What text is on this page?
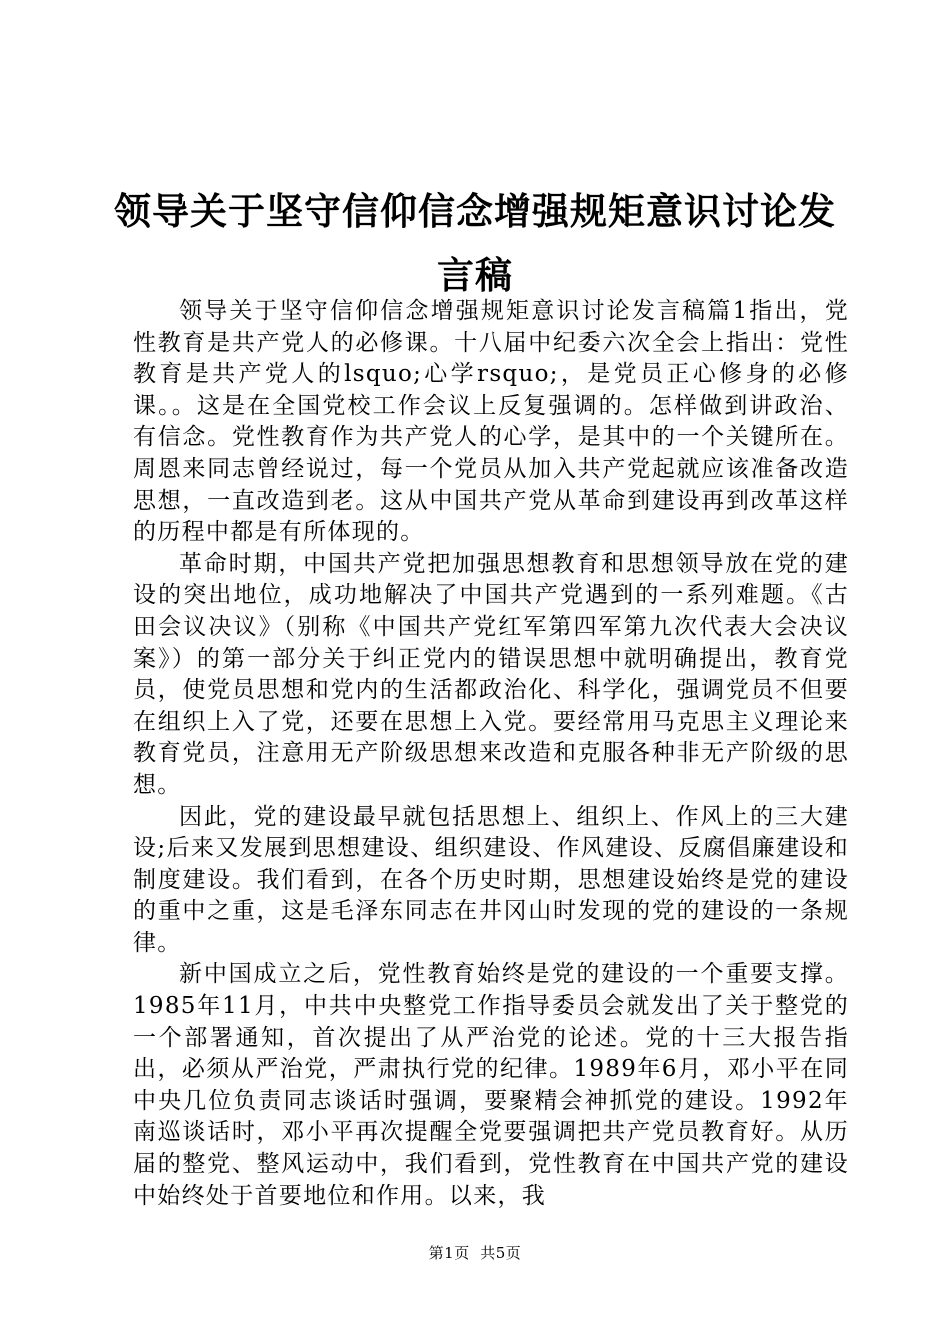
领导关于坚守信仰信念增强规矩意识讨论发言稿

领导关于坚守信仰信念增强规矩意识讨论发言稿篇1指出，党性教育是共产党人的必修课。十八届中纪委六次全会上指出：党性教育是共产党人的lsquo;心学rsquo;，是党员正心修身的必修课。。这是在全国党校工作会议上反复强调的。怎样做到讲政治、有信念。党性教育作为共产党人的心学，是其中的一个关键所在。周恩来同志曾经说过，每一个党员从加入共产党起就应该准备改造思想，一直改造到老。这从中国共产党从革命到建设再到改革这样的历程中都是有所体现的。

革命时期，中国共产党把加强思想教育和思想领导放在党的建设的突出地位，成功地解决了中国共产党遇到的一系列难题。《古田会议决议》（别称《中国共产党红军第四军第九次代表大会决议案》）的第一部分关于纠正党内的错误思想中就明确提出，教育党员，使党员思想和党内的生活都政治化、科学化，强调党员不但要在组织上入了党，还要在思想上入党。要经常用马克思主义理论来教育党员，注意用无产阶级思想来改造和克服各种非无产阶级的思想。

因此，党的建设最早就包括思想上、组织上、作风上的三大建设;后来又发展到思想建设、组织建设、作风建设、反腐倡廉建设和制度建设。我们看到，在各个历史时期，思想建设始终是党的建设的重中之重，这是毛泽东同志在井冈山时发现的党的建设的一条规律。

新中国成立之后，党性教育始终是党的建设的一个重要支撑。1985年11月，中共中央整党工作指导委员会就发出了关于整党的一个部署通知，首次提出了从严治党的论述。党的十三大报告指出，必须从严治党，严肃执行党的纪律。1989年6月，邓小平在同中央几位负责同志谈话时强调，要聚精会神抓党的建设。1992年南巡谈话时，邓小平再次提醒全党要强调把共产党员教育好。从历届的整党、整风运动中，我们看到，党性教育在中国共产党的建设中始终处于首要地位和作用。以来，我

第1页 共5页
